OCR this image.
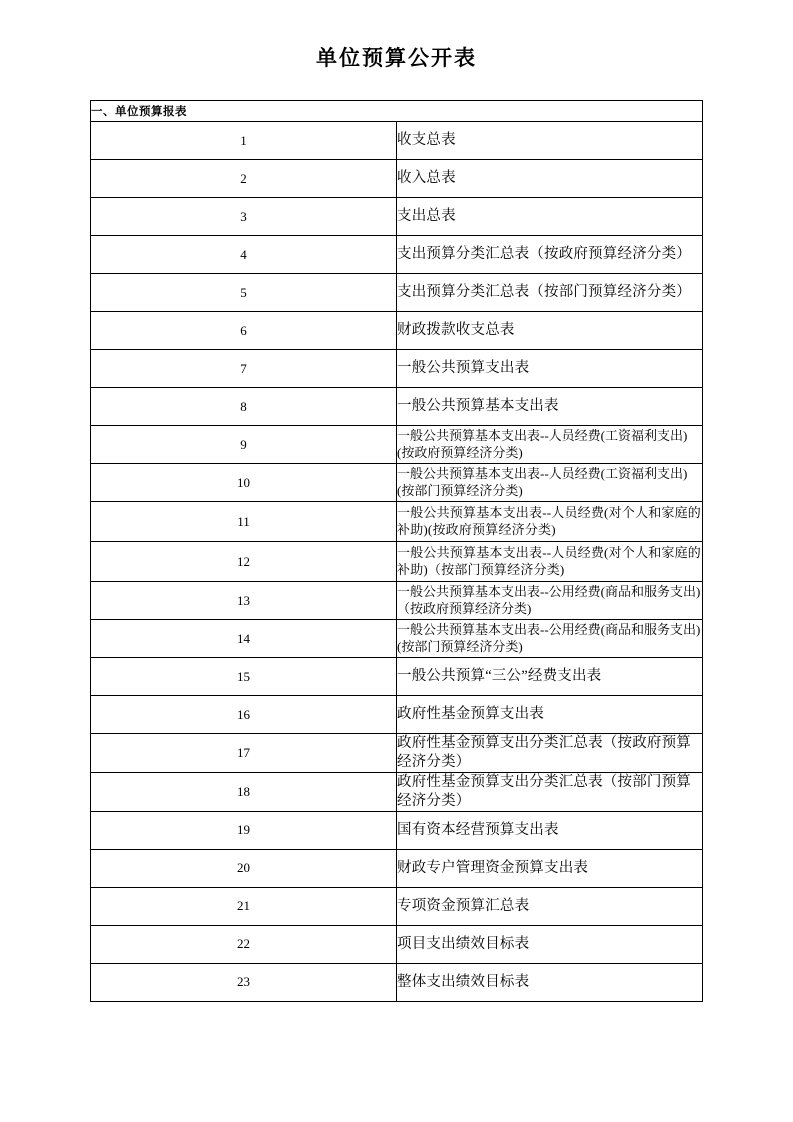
单位预算公开表
一、单位预算报表	
1	收支总表
2	收入总表
3	支出总表
4	支出预算分类汇总表（按政府预算经济分类）
5	支出预算分类汇总表（按部门预算经济分类）
6	财政拨款收支总表
7	一般公共预算支出表
8	一般公共预算基本支出表
9	一般公共预算基本支出表--人员经费(工资福利支出)(按政府预算经济分类)
10	一般公共预算基本支出表--人员经费(工资福利支出)(按部门预算经济分类)
11	一般公共预算基本支出表--人员经费(对个人和家庭的补助)(按政府预算经济分类)
12	一般公共预算基本支出表--人员经费(对个人和家庭的补助)（按部门预算经济分类)
13	一般公共预算基本支出表--公用经费(商品和服务支出)（按政府预算经济分类)
14	一般公共预算基本支出表--公用经费(商品和服务支出)(按部门预算经济分类)
15	一般公共预算“三公”经费支出表
16	政府性基金预算支出表
17	政府性基金预算支出分类汇总表（按政府预算经济分类）
18	政府性基金预算支出分类汇总表（按部门预算经济分类）
19	国有资本经营预算支出表
20	财政专户管理资金预算支出表
21	专项资金预算汇总表
22	项目支出绩效目标表
23	整体支出绩效目标表
